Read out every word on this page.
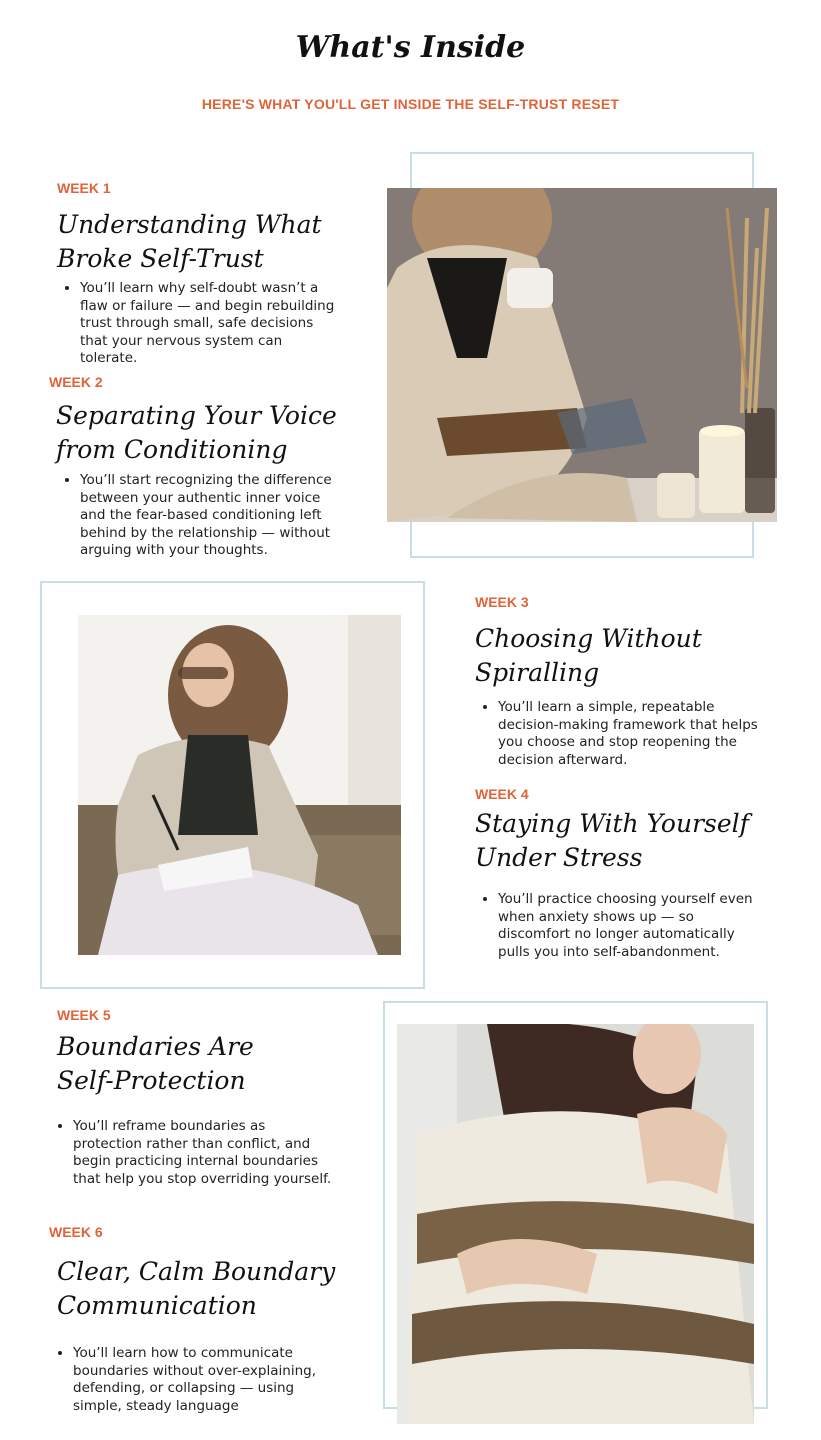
What's Inside

HERE'S WHAT YOU'LL GET INSIDE THE SELF-TRUST RESET

WEEK 1

Understanding What Broke Self-Trust
• You’ll learn why self-doubt wasn’t a flaw or failure — and begin rebuilding trust through small, safe decisions that your nervous system can tolerate.

WEEK 2

Separating Your Voice from Conditioning
• You’ll start recognizing the difference between your authentic inner voice and the fear-based conditioning left behind by the relationship — without arguing with your thoughts.

WEEK 3

Choosing Without Spiralling
• You’ll learn a simple, repeatable decision-making framework that helps you choose and stop reopening the decision afterward.

WEEK 4

Staying With Yourself Under Stress
• You’ll practice choosing yourself even when anxiety shows up — so discomfort no longer automatically pulls you into self-abandonment.

WEEK 5

Boundaries Are Self-Protection
• You’ll reframe boundaries as protection rather than conflict, and begin practicing internal boundaries that help you stop overriding yourself.

WEEK 6

Clear, Calm Boundary Communication
• You’ll learn how to communicate boundaries without over-explaining, defending, or collapsing — using simple, steady language
